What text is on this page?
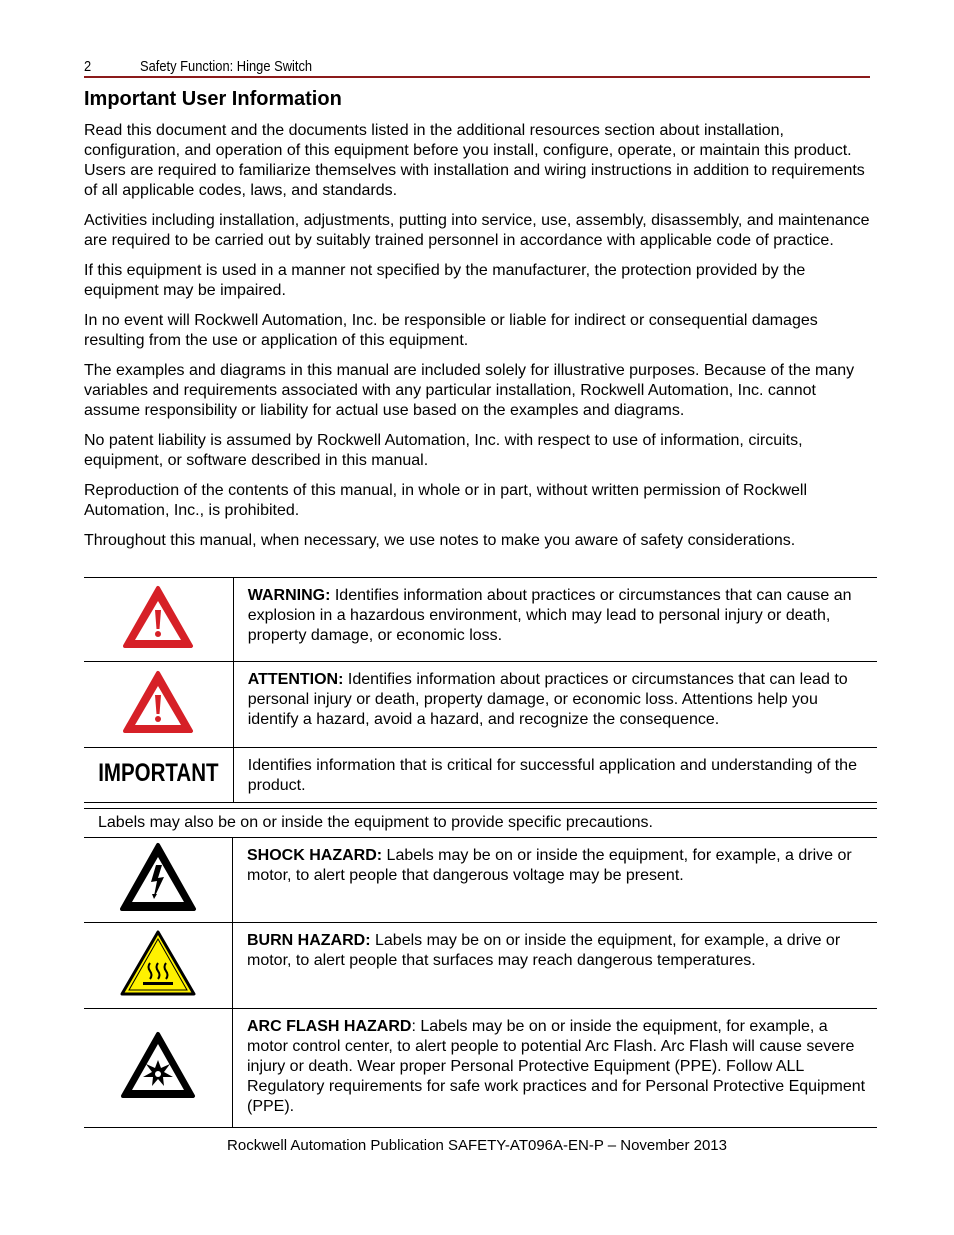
2	Safety Function: Hinge Switch
Important User Information

Read this document and the documents listed in the additional resources section about installation, configuration, and operation of this equipment before you install, configure, operate, or maintain this product. Users are required to familiarize themselves with installation and wiring instructions in addition to requirements of all applicable codes, laws, and standards.

Activities including installation, adjustments, putting into service, use, assembly, disassembly, and maintenance are required to be carried out by suitably trained personnel in accordance with applicable code of practice.

If this equipment is used in a manner not specified by the manufacturer, the protection provided by the equipment may be impaired.

In no event will Rockwell Automation, Inc. be responsible or liable for indirect or consequential damages resulting from the use or application of this equipment.

The examples and diagrams in this manual are included solely for illustrative purposes. Because of the many variables and requirements associated with any particular installation, Rockwell Automation, Inc. cannot assume responsibility or liability for actual use based on the examples and diagrams.

No patent liability is assumed by Rockwell Automation, Inc. with respect to use of information, circuits, equipment, or software described in this manual.

Reproduction of the contents of this manual, in whole or in part, without written permission of Rockwell Automation, Inc., is prohibited.

Throughout this manual, when necessary, we use notes to make you aware of safety considerations.

	WARNING: Identifies information about practices or circumstances that can cause an explosion in a hazardous environment, which may lead to personal injury or death, property damage, or economic loss.
	ATTENTION: Identifies information about practices or circumstances that can lead to personal injury or death, property damage, or economic loss. Attentions help you identify a hazard, avoid a hazard, and recognize the consequence.
IMPORTANT	Identifies information that is critical for successful application and understanding of the product.
Labels may also be on or inside the equipment to provide specific precautions.	
	SHOCK HAZARD: Labels may be on or inside the equipment, for example, a drive or motor, to alert people that dangerous voltage may be present.
	BURN HAZARD: Labels may be on or inside the equipment, for example, a drive or motor, to alert people that surfaces may reach dangerous temperatures.
	ARC FLASH HAZARD: Labels may be on or inside the equipment, for example, a motor control center, to alert people to potential Arc Flash. Arc Flash will cause severe injury or death. Wear proper Personal Protective Equipment (PPE). Follow ALL Regulatory requirements for safe work practices and for Personal Protective Equipment (PPE).
Rockwell Automation Publication SAFETY-AT096A-EN-P – November 2013
